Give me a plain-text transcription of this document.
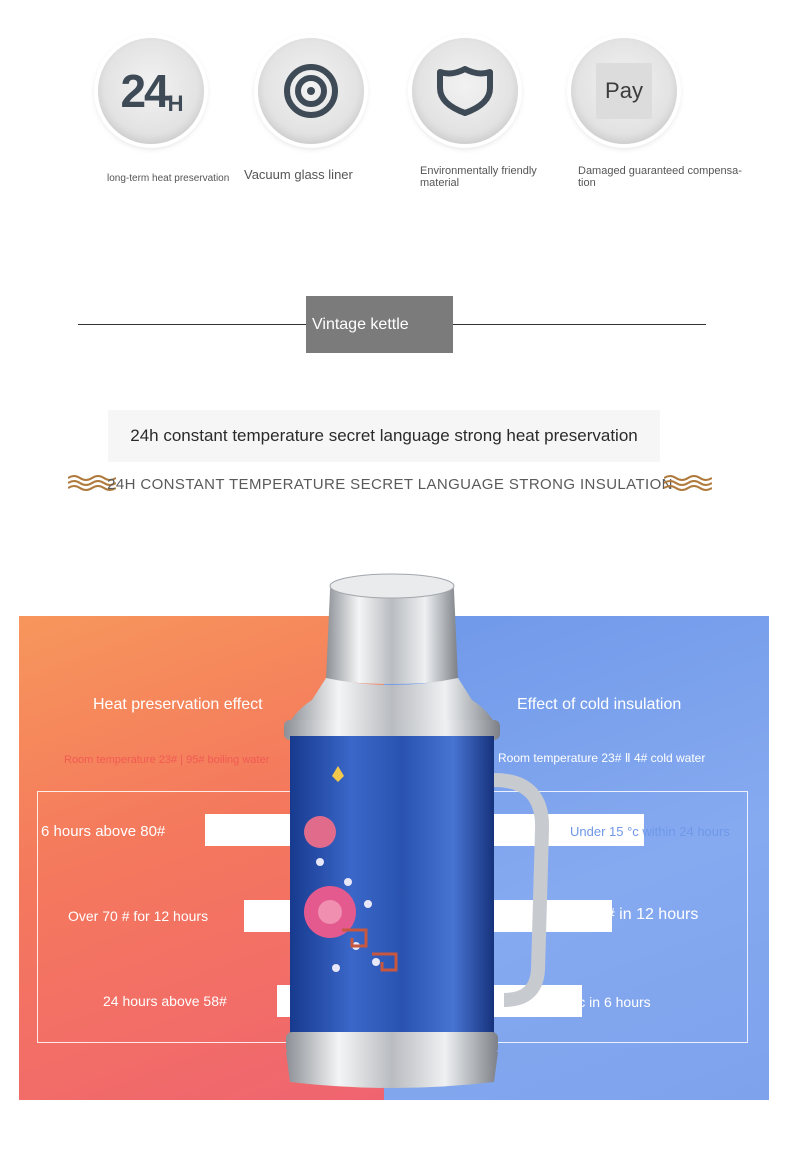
24H
long-term heat preservation Vacuum glass liner	Environmentally friendly material
Pay
Damaged guaranteed compensa-tion
Vintage kettle
24h constant temperature secret language strong heat preservation
24H CONSTANT TEMPERATURE SECRET LANGUAGE STRONG INSULATION
Heat preservation effect
Room temperature 23# | 95# boiling water
6 hours above 80#
Over 70 # for 12 hours
24 hours above 58#
Effect of cold insulation
Room temperature 23# Ⅱ 4# cold water
Under 15 °c within 24 hours
Below 10# in 12 hours
Below 5 °c in 6 hours
